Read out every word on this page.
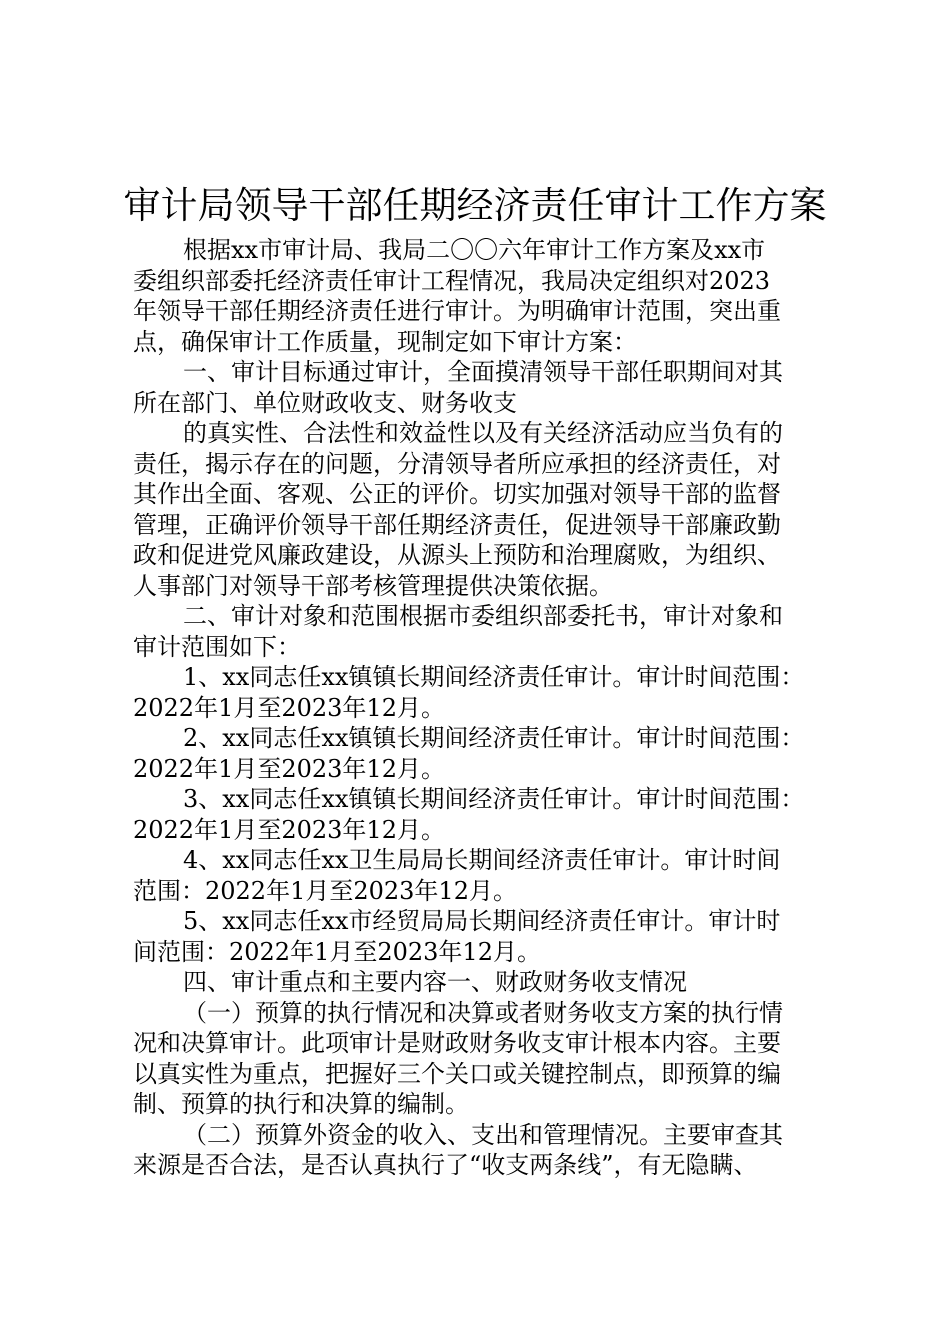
审计局领导干部任期经济责任审计工作方案
根据xx市审计局、我局二〇〇六年审计工作方案及xx市
委组织部委托经济责任审计工程情况，我局决定组织对2023
年领导干部任期经济责任进行审计。为明确审计范围，突出重
点，确保审计工作质量，现制定如下审计方案：
一、审计目标通过审计，全面摸清领导干部任职期间对其
所在部门、单位财政收支、财务收支
的真实性、合法性和效益性以及有关经济活动应当负有的
责任，揭示存在的问题，分清领导者所应承担的经济责任，对
其作出全面、客观、公正的评价。切实加强对领导干部的监督
管理，正确评价领导干部任期经济责任，促进领导干部廉政勤
政和促进党风廉政建设，从源头上预防和治理腐败，为组织、
人事部门对领导干部考核管理提供决策依据。
二、审计对象和范围根据市委组织部委托书，审计对象和
审计范围如下：
1、xx同志任xx镇镇长期间经济责任审计。审计时间范围：
2022年1月至2023年12月。
2、xx同志任xx镇镇长期间经济责任审计。审计时间范围：
2022年1月至2023年12月。
3、xx同志任xx镇镇长期间经济责任审计。审计时间范围：
2022年1月至2023年12月。
4、xx同志任xx卫生局局长期间经济责任审计。审计时间
范围：2022年1月至2023年12月。
5、xx同志任xx市经贸局局长期间经济责任审计。审计时
间范围：2022年1月至2023年12月。
四、审计重点和主要内容一、财政财务收支情况
（一）预算的执行情况和决算或者财务收支方案的执行情
况和决算审计。此项审计是财政财务收支审计根本内容。主要
以真实性为重点，把握好三个关口或关键控制点，即预算的编
制、预算的执行和决算的编制。
（二）预算外资金的收入、支出和管理情况。主要审查其
来源是否合法，是否认真执行了“收支两条线”，有无隐瞒、
